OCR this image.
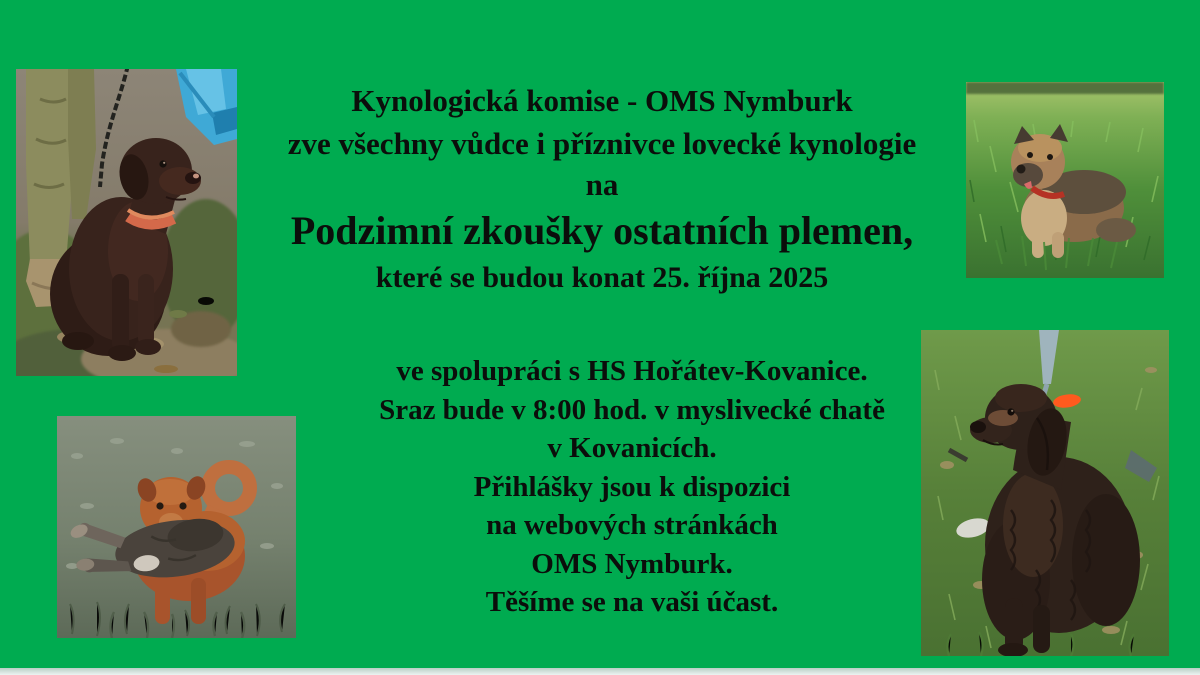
Kynologická komise - OMS Nymburk

zve všechny vůdce i příznivce lovecké kynologie

na

Podzimní zkoušky ostatních plemen,

které se budou konat 25. října 2025

ve spolupráci s HS Hořátev-Kovanice.

Sraz bude v 8:00 hod. v myslivecké chatě

v Kovanicích.

Přihlášky jsou k dispozici

na webových stránkách

OMS Nymburk.

Těšíme se na vaši účast.
